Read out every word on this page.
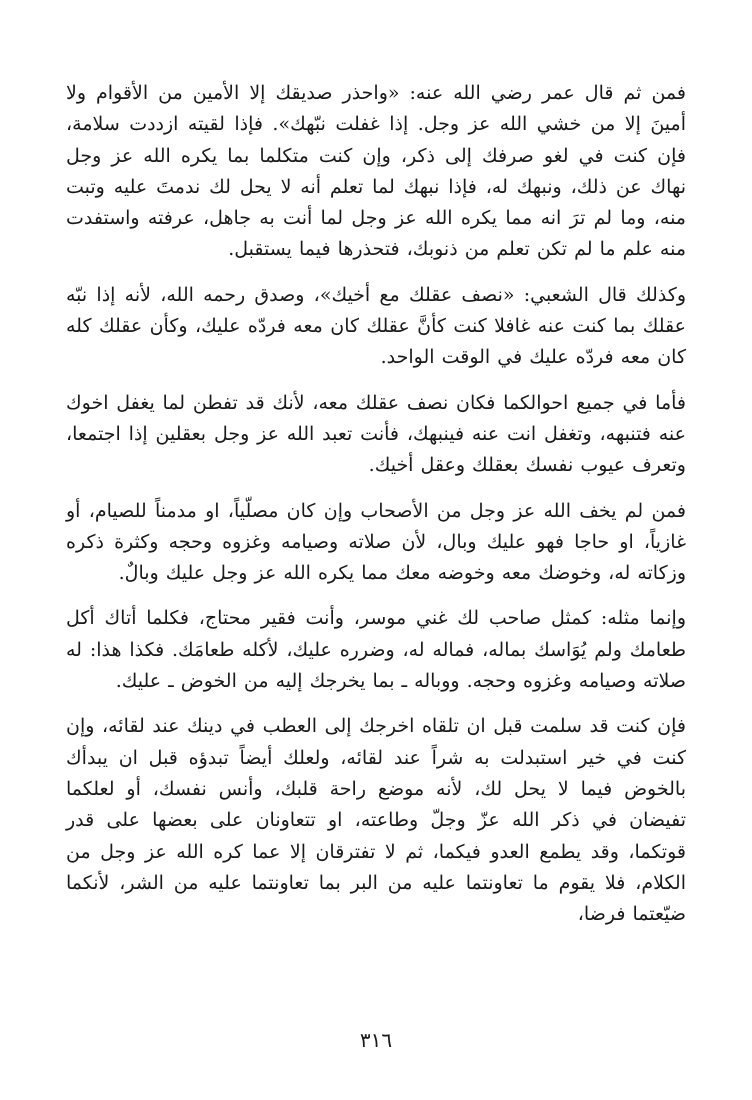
فمن ثم قال عمر رضي الله عنه: «واحذر صديقك إلا الأمين من الأقوام ولا أمينَ إلا من خشي الله عز وجل. إذا غفلت نبّهك». فإذا لقيته ازددت سلامة، فإن كنت في لغو صرفك إلى ذكر، وإن كنت متكلما بما يكره الله عز وجل نهاك عن ذلك، ونبهك له، فإذا نبهك لما تعلم أنه لا يحل لك ندمتَ عليه وتبت منه، وما لم ترَ انه مما يكره الله عز وجل لما أنت به جاهل، عرفته واستفدت منه علم ما لم تكن تعلم من ذنوبك، فتحذرها فيما يستقبل.

وكذلك قال الشعبي: «نصف عقلك مع أخيك»، وصدق رحمه الله، لأنه إذا نبّه عقلك بما كنت عنه غافلا كنت كأنَّ عقلك كان معه فردّه عليك، وكأن عقلك كله كان معه فردّه عليك في الوقت الواحد.

فأما في جميع احوالكما فكان نصف عقلك معه، لأنك قد تفطن لما يغفل اخوك عنه فتنبهه، وتغفل انت عنه فينبهك، فأنت تعبد الله عز وجل بعقلين إذا اجتمعا، وتعرف عيوب نفسك بعقلك وعقل أخيك.

فمن لم يخف الله عز وجل من الأصحاب وإن كان مصلّياً، او مدمناً للصيام، أو غازياً، او حاجا فهو عليك وبال، لأن صلاته وصيامه وغزوه وحجه وكثرة ذكره وزكاته له، وخوضك معه وخوضه معك مما يكره الله عز وجل عليك وبالٌ.

وإنما مثله: كمثل صاحب لك غني موسر، وأنت فقير محتاج، فكلما أتاك أكل طعامك ولم يُوَاسك بماله، فماله له، وضرره عليك، لأكله طعامَك. فكذا هذا: له صلاته وصيامه وغزوه وحجه. ووباله ـ بما يخرجك إليه من الخوض ـ عليك.

فإن كنت قد سلمت قبل ان تلقاه اخرجك إلى العطب في دينك عند لقائه، وإن كنت في خير استبدلت به شراً عند لقائه، ولعلك أيضاً تبدؤه قبل ان يبدأك بالخوض فيما لا يحل لك، لأنه موضع راحة قلبك، وأنس نفسك، أو لعلكما تفيضان في ذكر الله عزّ وجلّ وطاعته، او تتعاونان على بعضها على قدر قوتكما، وقد يطمع العدو فيكما، ثم لا تفترقان إلا عما كره الله عز وجل من الكلام، فلا يقوم ما تعاونتما عليه من البر بما تعاونتما عليه من الشر، لأنكما ضيّعتما فرضا،

٣١٦
